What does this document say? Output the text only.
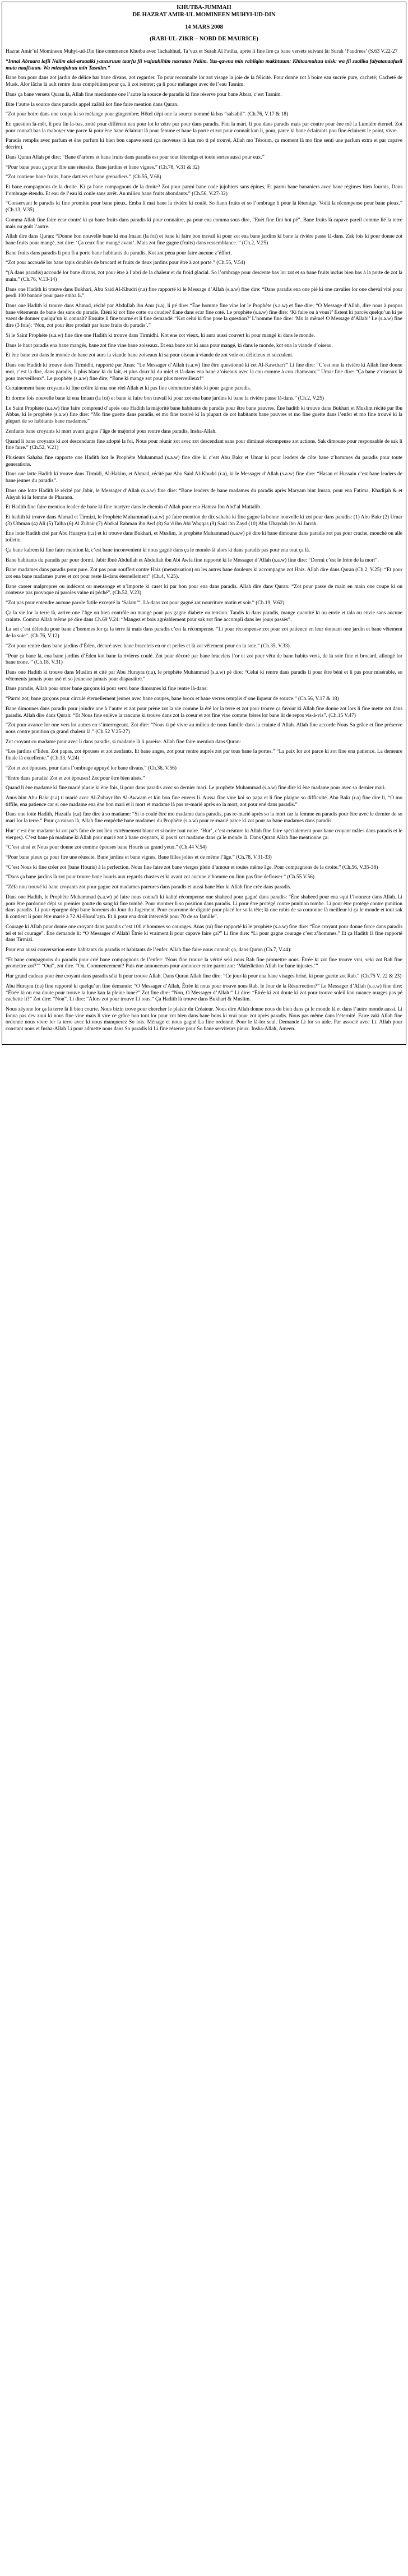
KHUTBA-JUMMAH
DE HAZRAT AMIR-UL MOMINEEN MUHYI-UD-DIN
14 MARS 2008
(RABI-UL-ZIKR – NOBD DE MAURICE)

Hazrat Amir’ul Momineen Muhyi-ud-Din fine commence Khutba avec Tachahhud, Ta’vuz et Surah Al Fatiha, après li fine lire ça bane versets suivant là: Surah ‘Faudrees’ (S.63 V.22-27

“Innal Abraara lafii Naïim alal-araaaiki yanzuruun taarfu fii wujuuhihim nazratan Naïim. Yus-qawna min rahiiqim makhtuum: Khitaamuhuu misk: wa fii zaalika falyatanaafasil muta naafisuun. Wa mizaajuhuu min Tasniim.”

Bane bon pour dans zot jardin de délice bar bane divans, zot regarder. To pour reconnaîte lor zot visage la joie de la félicité. Pour donne zot à boire eau sucrée pure, cacheté; Cacheté de Musk. Alor lâche là ault rentre dans compétition pour ça, li zot rentrer; ça li pour mélanger avec de l’eau Tasnim.

Dans ça bane versets Quran là, Allah fine mentionne one l’autre la source de paradis ki fine réserve pour bane Abrar, c’est Tasnim.

Bite l’autre la source dans paradis appel zaâbil kot fine faire mention dans Quran.

“Zot pour boire dans one coupe ki so mélange pour gingembre; Hôtel dépi one la source nommé là bas “salsabil”. (Ch.76, V.17 & 18)

En question là-mêt, li pou fin la-bas, zotté pour différent eau pour lot lo zètre pur pour dans paradis. Fini la mari, li pou dans paradis mais par contre pour ène mê la Lumière éternel. Zot pour connaît bas la maboyer vue parce là pour ène bane éclairant là pour femme et bane la porte et zot pour connaît kan li, pour, parce ki bane éclairants pou fine éclairent le point, vivre.

Paradis remplis avec parfum et ène parfum ki bien bon capave senti (ça moveuss là kan mo ti pé trouvé, Allah mo Tésoum, ça moment là mo fine senti une parfum extra et par capave décrire).

Dans Quran Allah pé dire: “Bane d’arbres et bane fruits dans paradis est pour tout léternigs et toute sortes aussi pour eux.”

“Pour bane peuu ça pour fire une réussite. Bane jardins et bane vignes.” (Ch.78, V.31 & 32)

“Zot contiene bane fruits, bane dattiers et bane grenadiers.” (Ch.55, V.68)

Et bane compagnons de la droite. Ki ça bane compagnons de la droite? Zot pour parmi bane code jujubiers sans épines, Et parmi bane bananiers avec bane régimes bien fournis, Dans l’ombrage étendu. Et eau de l’eau ki coule sans arrêt. Au milieu bane fruits abondants.” (Ch.56, V.27-32)

“Conservant le paradis ki fine promitte pour bane pieux. Emba li mai bane la rivière ki coulé. So fiann fruits et so l’ombrage li pour là léternige. Voilà la récompense pour bane pieux.” (Ch.13, V.35)

Comma Allah fine faire ecar contré ki ça bane fruits dans paradis ki pour connaître, pa pour ena comma sous dire, “Enèt fine fini hot pé”. Bane fruits là capave pareil comme lié la terre mais ou goût l’autre.

Allah dire dans Quran: “Donne bon nouvelle bane ki ena Imaan (la foi) et bane ki faire bon travail ki pour zot ena bane jardins ki bane la rivière passe là-dans. Zak fois ki pour donne zot bane fruits pour mangé, zot dire: ‘Ça ceux fine mangé avant’. Mais zot fine gagne (fruits) dans ressemblance. ” (Ch.2, V.25)

Bane fruits dans paradis li pou fi a porte bane habitants du paradis, Kot zot pèna pour faire aucune z’éffort.

“Zot pour accoudé lor bane tapis doublés de brocard et fruits de deux jardins pour être à zot porte.” (Ch.55, V.54)

“(A dans paradis) accoudé lor bane divans, zot pour être à l’abri de la chaleur et du froid glacial. So l’ombrage pour descente bas lor zot et so bane fruits inclus bien bas à la porte de zot la main.” (Ch.76, V.13-14)

Dans one Hadith ki trouve dans Bukhari, Abu Said Al-Khudri (r.a) fine rapporté ki le Message d’Allah (s.a.w) fine dire: “Dans paradis ena one pié ki one cavalier lor one cheval vité pour perdi 100 banané pour pase emba li.”

Dans one Hadith ki trouve dans Ahmad, récité par Abdullah ibn Amr (r.a), li pé dire: “Ène homme fine vine lot le Prophète (s.a.w) et fine dire: “O Message d’Allah, dire nous à propos bane vêtements de bane des sans du paradis. Éténi ki zot fine cotte ou coudre? Éane dans ecar fine coté. Le prophète (s.a.w) fine dire: ‘Ki faire ou à vous?’ Éstent ki parcés quelqu’un ki pe vaent de donner quelqu’un ki connaît? Ensuite li fine tourné et li fine demandé: ‘Kot celui ki fine pose la question?’ L’homme fine dire: ‘Mo la même! O Message d’Allah!’ Le (s.a.w) fine dire (3 fois): ‘Non, zot pour être produit par bane fruits du paradis’.”

Si le Saint Prophète (s.a.w) fine dire one Hadith ki trouve dans Tirmidhi. Kot ene zot vieux, ki aura aussi couvert ki pour mangé ki dans le monde.

Dans le haut paradis ena bane mangés, bane zot fine vine bane zoiseaux. Et ena bane zot ki aura pour mangé, ki dans le monde, kot ena la viande d’oiseau.

Et ène bane zot dans le monde de bane zot aura la viande bane zoiseaux ki sa pour oiseau à viande de zot vole ou délicieux et succulent.

Dans one Hadith ki trouve dans Tirmidhi, rapporté par Anas: “Le Messager d’Allah (s.a.w) fine être questionné ki cet Al-Kawthar?” Li fine dire: “C’est one la rivière ki Allah fine donne moi, c’est la dire, dans paradis, li plus blanc ki du lait, et plus doux ki du miel et là-dans ena bane z’oiseaux avec la cou comme à cou chameaux.” Umar fine dire: “Ça bane z’oiseaux là pour merveilleux”. Le prophète (s.a.w) fine dire: “Bane ki mange zot pour plus merveilleux!”

Certainement bane croyants ki fine crôire ki ena one réel Allah et ki pas fine commettre shirk ki pour gagne paradis.

Et dorme fois nouvelle bane ki ena Imaan (la foi) et bane ki faire bon travail ki pour zot ena bane jardins ki bane la rivière passe là-dans.” (Ch.2, V.25)

Le Saint Prophète (s.a.w) fine faire comprend d’après one Hadith la majorité bane habitants du paradis pour être bane pauvres. Ène hadith ki trouve dans Bukhari et Muslim récité par Ibn Abbas, ki le prophète (s.a.w) fine dire: “Mo fine guette dans paradis, et mo fine trouvé ki la plupart de zot habitants bane pauvres et mo fine guette dans l’enfer et mo fine trouvé ki la plupart de so habitants bane madames.”

Zenfants bane croyants ki mort avant gagne l’âge de majorité pour rentre dans paradis, Insha-Allah.

Quand li bane croyants ki zot descendants fine adopté la foi, Nous pour réunir zot avec zot descendant sans pour diminué récompense zot actions. Sak dimoune pour responsable de sak li fine faire.” (Ch.52, V.21)

Plusieurs Sahaba fine rapporte one Hadith kot le Prophète Muhammad (s.a.w) fine dire ki c’est Abu Bakr et Umar ki pour leaders de côte bane z’hommes du paradis pour toute generations.

Dans one lotte Hadith ki trouve dans Tirmidi, Al-Hakim, et Ahmad, récité par Abu Said Al-Khudri (r.a), ki le Messager d’Allah (s.a.w) fine dire: “Hasan et Hussain c’est bane leaders de bane jeunes du paradis”.

Dans one lotte Hadith lé récité par Jabir, le Messager d’Allah (s.a.w) fine dire: “Bane leaders de bane madames du paradis après Maryam bint Imran, pour ena Fatima, Khadijah & et Aisyah ki la femme de Pharaon.

Et Hadith fine faire mention leader de bane ki fine martyre dans le chemin d’Allah pour ena Hamza Ibn Abd’al Muttalib.

Et hadith ki trouve dans Ahmad et Tirmizi, le Prophète Muhammad (s.a.w) pé faire mention de dix sahaba ki fine gagne la bonne nouvelle ki zot pour dans paradis: (1) Abu Bakr (2) Umar (3) Uthman (4) Ali (5) Talha (6) Al Zubair (7) Abd-al Rahman ibn Awf (8) Sa’d ibn Abi Waqqas (9) Said ibn Zayd (10) Abu Ubaydah ibn Al Jarrah.

Ène lotte Hadith cité par Abu Hurayra (r.a) et ki trouve dans Bukhari, et Muslim, le prophète Muhammad (s.a.w) pé dire ki bane dimoune dans paradis zot pas pour crache, mouché ou alle toilette.

Ça bane kalrem ki fine faire mention là, c’est bane inconvenient ki nous gagné dans ça le monde-là alors ki dans paradis pas pour ena tout ça là.

Bane habitants du paradis par pour dormi. Jabir Ibné Abdullah et Abdullah ibn Abi Awfa fine rapporté ki le Messager d’Allah (s.a.w) fine dire: “Dormi c’est le frère de la mort”.

Bane madames dans paradis pour pure. Zot pas pour souffert contre Haiz (menstruation) ou les autres bane douleurs ki accompagne zot Haiz. Allah dire dans Quran (Ch.2, V.25): “Et pour zot ena bane madames pures et zot pour reste là-dans éternellement” (Ch.4, V.25).

Bane caseer malpropres ou indécent ou mensonge et n’importe ki caset ki par bon pour ena dans paradis. Allah dire dans Quran: “Zot pour passe de main en main one coupe ki ou contense pas provoque ni paroles vaine ni péché”. (Ch.52, V.23)

“Zot pas pour entendre aucune parole futile excepté la ‘Salam’”. Là-dans zot pour gagné zot nourriture matin et soir.” (Ch.19, V.62)

Ça la vie lor la terre là, arrive one l’âge ou bien contrôle ou mangé pour pas gagne diabète ou tension. Tandis ki dans paradis, mange quantité ki ou envie et tala ou envie sans aucune crainte. Comma Allah même pé dire dans Ch.69 V.24: “Mangez et bois agréablement pour sak zot fine accompli dans les jours passés”.

La soi c’est défendu pour bane z’hommes lor ça la terre là mais dans paradis c’est la récompense. “Li pour récompense zot pour zot patience en leur donnant one jardin et bane vêtement de la soie”. (Ch.76, V.12)

“Zot pour rentre dans bane jardins d’Éden, décoré avec bane bracelets en or et perles et là zot vêtement pour en la soie.” (Ch.35, V.33).

“Pour ça bane là, ena bane jardins d’Éden kot bane la rivières coulé. Zot pour décoré par bane bracelets l’or et zot pour vêtu de bane habits verts, de la soie fine et brocard, allongé lor bane trone. ” (Ch.18, V.31)

Dans one Hadith ki trouve dans Muslim et cité par Abu Hurayra (r.a), le prophète Muhammad (s.a.w) pé dire: “Celui ki rentre dans paradis li pour être béni et li pas pour misérable, so vêtements jamais pour usé et so jeunesse jamais pour disparaître.”

Dans paradis, Allah pour orner bane garçons ki pour servi bane dimounes ki fine rentre là-dans:

“Parmi zot, bane garçons pour circulé éternellement jeunes avec bane coupes, bane brocs et bane verres remplis d’one liqueur de source.” (Ch.56, V.17 & 18)

Bane dimounes dans paradis pour joindre one à l’autre et zot pour prène zot la vie comme là été lor la terre et zot pour trouve ça favour ki Allah fine donne zot lors li fine mette zot dans paradis. Allah dire dans Quran: “Et Nous fine enlève la rancune ki trouve dans zot la coeur et zot fine vine comme frères lor bane lit de repos vis-à-vis”. (Ch.15 V.47)

“Zot pour avance lor one vers lot autres en s’interrogeant. Zot dire: “Nous ti pé vivre au milieu de nous famille dans la crainte d’Allah. Allah fine accorde Nous Sa grâce et fine préserve nous contre punition ça grand chaleur là.” (Ch.52 V.25-27)

Zot croyant co madame pour avec li dans paradis, si madame là li pareise. Allah fine faire mention dans Quran:

“Les jardins d’Éden. Zot papas, zot épouses et zot zenfants. Et bane anges, zot pour rentre auprès zot par tous bane la portes.” “La paix lor zot parce ki zot fine ena patience. La demeure finale là excellente.” (Ch.13, V.24)

“Zot et zot épouses, pour dans l’ombrage appuyé lor bane divans.” (Ch.36, V.56)

“Entre dans paradis! Zot et zot épouses! Zot pour être bien aisés.”

Quand li ène madame ki fine marié plusie ki ène fois, li pour dans paradis avec so dernier mari. Le prophète Muhammad (s.a.w) fine dire ki ène madame pour avec so dernier mari.

Anus bint Abu Bakr (r.a) ti marié avec Al-Zubayr ibn Al-Awwam et kin bon fine envers li. Aussa fine vine koi so papa et li fine plaigne so difficulté. Abu Bakr (r.a) fine dire li, “O mo tiffile, ena patience car si one madame ena ène bon mari et li mort et madame là pas re-marié après so la mort, zot pour ené dans paradis.”

Dans one lotte Hadith, Huzaifa (r.a) fine dire à so madame: “Si to coulé être mo madame dans paradis, pas re-marié après so la mort car la femme en paradis pour être avec le dernier de so mari lor la terre.” Pour ça raison là, Allah fine empêché bane madames du Prophète (s.a.w) pour re-marié parce ki zot pour so bane madames dans paradis.

Hur’ c’est ène madame ki zot pa’s faire de zot lieu extrêmement blanc et si noire tout noire. ‘Hur’, c’est créature ki Allah fine faire spécialement pour bane croyant mâles dans paradis et le vierges). C’est bane pà madame ki Allah pour marié zot à bane croyants, ki pas ti zot madame dans ça le monde là. Dans Quran Allah fine mentionne ça:

“C’est ainsi et Nous pour donne zot comme épouses bane Houris au grand yeux.” (Ch.44 V.54)

“Pour bane pieux ça pour fire une réussite. Bane jardins et bane vignes. Bane filles jolies et de même l’âge.” (Ch.78, V.31-33)

“C’est Nous ki fine créer zot (bane Houris) à la perfection. Nous fine faire zot bane vierges plein d’amour et toutes même âge. Pour compagnons de la droite.” (Ch.56, V.35-38)

“Dans ça bane jardins là zot pour trouve bane houris aux regards chastes et ki avant zot aucune z’homme ou Jinn pas fine deflower.” (Ch.55 V.56)

“Zéfa nou trouvé ki bane croyants zot pour gagne zot madames pareures dans paradis et aussi bane Hur ki Allah fine crée dans paradis.

Dans one Hadith, le Prophète Muhammad (s.a.w) pé faire nous connaît ki kalité récompense one shaheed pour gagné dans paradis: “Ène shaheed pour ena squi l’honneur dans Allah. Li pour être pardonné dépi so premier goutte du sang ki fine tombé. Pour montrer li so position dans paradis. Li pour être protégé contre punition tombe. Li pour être protégé contre punition dans paradis. Li pour épargne dépi bane horreurs du Jour du Jugement. Pour couronne de dignité pour placé lor so la tête; ki one rubis de sa couronne là meilleur ki ça le monde et tout sak li contient li pour être marié à 72 Al-Hurul’ayn. Et li pour ena droit intercédé pour 70 de so famille”.

Courage ki Allah pour donne one croyant dans paradis c’est 100 z’hommes so courages. Anas (ra) fine rapporté ki le prophète (s.a.w) fine dire: “Ène croyant pour donne force dans paradis tel et tel courage”. Ène demande li: “O Messager d’Allah! Êtrée ki vraiment li pour capave faire ça?” Li fine dire: “Li pour gagne courage c’est z’hommes.” Et ça Hadith là fine rapporté dans Tirmizi.

Pour ena aussi conversation entre habitants du paradis et habitants de l’enfer. Allah fine faire nous connaît ça, dans Quran (Ch.7, V.44):

“Et bane compagnons du paradis pour crié bane compagnons de l’enfer: ‘Nous fine trouve la vérité seki nous Rab fine promettre nous. Êtrée ki zot fine trouve vrai, seki zot Rab fine promettre zot?’” “Oui”, zot dire. “Ou. Commencement? Puis ène annonceurs pour annoncer entre parmi zot: ‘Malédiction Allah lor bane injustes.’”

Hur grand cadeau pour ène croyant dans paradis séki li pour trouve Allah. Dans Quran Allah fine dire: “Ce jour-là pour ena bane visages brisé, ki pour guette zot Rab.” (Ch.75 V. 22 & 23)

Abu Hurayra (r.a) fine rapporté ki quelqu’un fine demande: “O Messager d’Allah, Êtrée ki nous pour trouve nous Rab, le Jour de la Résurrection?” Le Messager d’Allah (s.a.w) fine dire: “Êtrée ki ou ena doute pour trouve la lune kan la pleine lune?” Zot fine dire: “Non, O Messager d’Allah!” Li dire: “Êtrée ki zot doute ki zot pour trouve soleil kan nuance nuages pas pé cachette li?” Zot dire: “Non”. Li dire: “Alors zot pour trouve Li tous.” Ça Hadith là trouve dans Bukhari & Muslim.

Nous zéyone lor ça la terre là li bien courte. Nous bizin trove pour chercher le plaisir du Créateur. Nous dire Allah donne nous du bien dans ça le monde là et dans l’autre monde aussi. Li fonna pas dev zoui ki nous fine vine mais li vire ce grâce bon tout lor pour zot bien dans bane bons ki vrai pour zot après paradis. Nous pas même dans l’éternité. Faire zaki Allah fine ordonne nous vivre lor la terre avec ki nous manquerez So lois. Ménage et nous gagné La fine ordonné. Pour le là-lor seul. Demande Li lor so aide. Par associé avec Li. Allah pour constant nous et Insha-Allah Li pour admette nous dans So paradis ki Li fine réserve pour So bane serviteurs pieux. Insha-Allah, Ameen.
